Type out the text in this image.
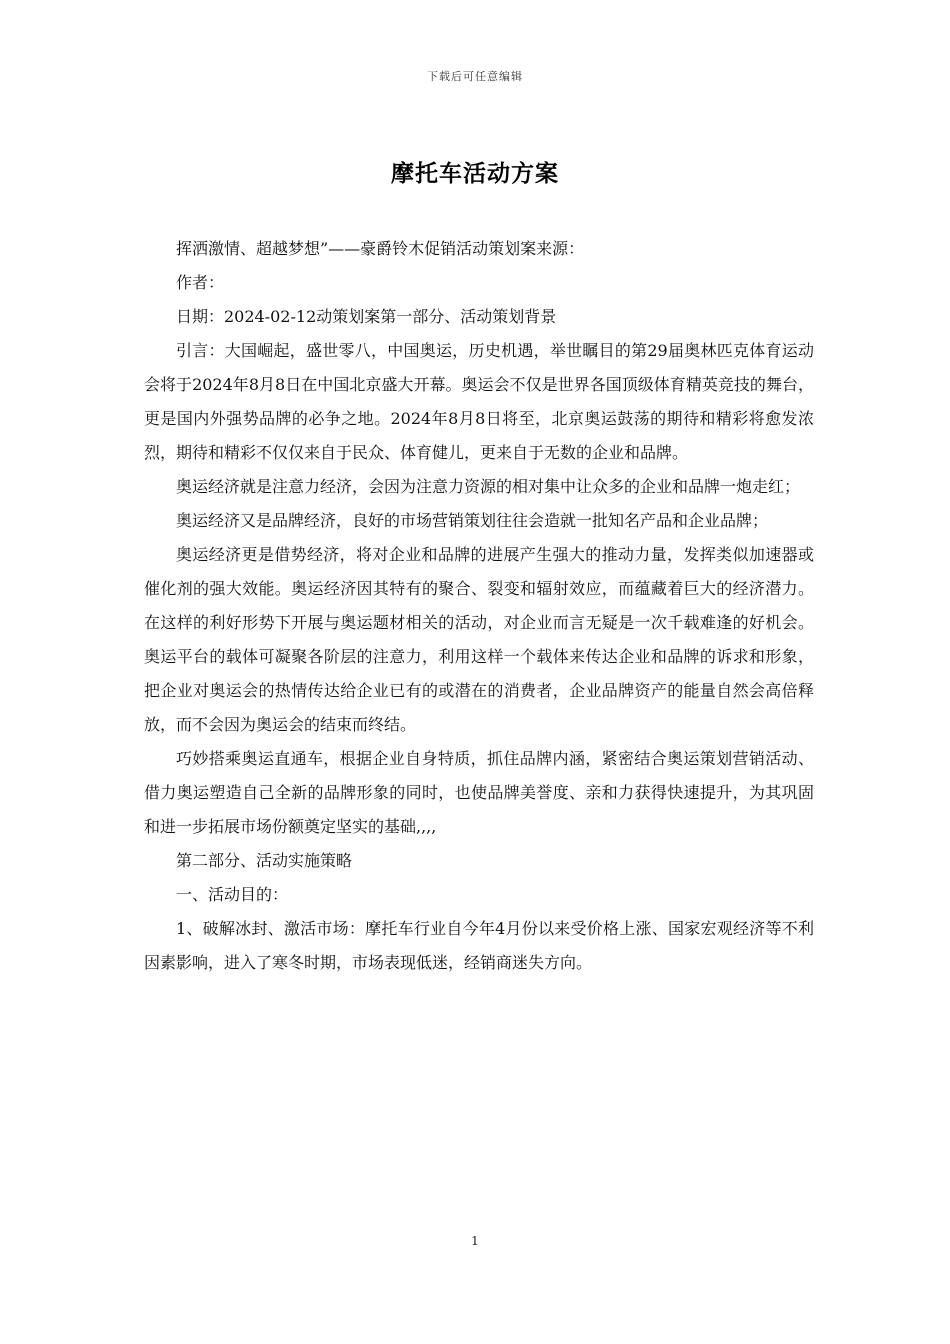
下载后可任意编辑
摩托车活动方案

挥洒激情、超越梦想”——豪爵铃木促销活动策划案来源：

作者：

日期：2024-02-12动策划案第一部分、活动策划背景

引言：大国崛起，盛世零八，中国奥运，历史机遇，举世瞩目的第29届奥林匹克体育运动会将于2024年8月8日在中国北京盛大开幕。奥运会不仅是世界各国顶级体育精英竞技的舞台，更是国内外强势品牌的必争之地。2024年8月8日将至，北京奥运鼓荡的期待和精彩将愈发浓烈，期待和精彩不仅仅来自于民众、体育健儿，更来自于无数的企业和品牌。

奥运经济就是注意力经济，会因为注意力资源的相对集中让众多的企业和品牌一炮走红；

奥运经济又是品牌经济，良好的市场营销策划往往会造就一批知名产品和企业品牌；

奥运经济更是借势经济，将对企业和品牌的进展产生强大的推动力量，发挥类似加速器或催化剂的强大效能。奥运经济因其特有的聚合、裂变和辐射效应，而蕴藏着巨大的经济潜力。在这样的利好形势下开展与奥运题材相关的活动，对企业而言无疑是一次千载难逢的好机会。奥运平台的载体可凝聚各阶层的注意力，利用这样一个载体来传达企业和品牌的诉求和形象，把企业对奥运会的热情传达给企业已有的或潜在的消费者，企业品牌资产的能量自然会高倍释放，而不会因为奥运会的结束而终结。

巧妙搭乘奥运直通车，根据企业自身特质，抓住品牌内涵，紧密结合奥运策划营销活动、借力奥运塑造自己全新的品牌形象的同时，也使品牌美誉度、亲和力获得快速提升，为其巩固和进一步拓展市场份额奠定坚实的基础,,,,

第二部分、活动实施策略

一、活动目的：

1、破解冰封、激活市场：摩托车行业自今年4月份以来受价格上涨、国家宏观经济等不利因素影响，进入了寒冬时期，市场表现低迷，经销商迷失方向。

1
